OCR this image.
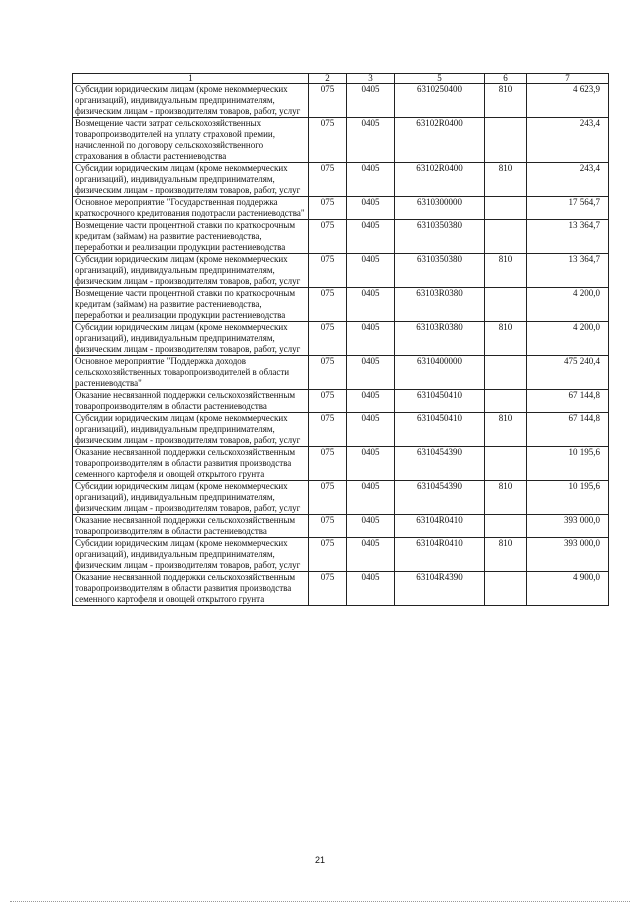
1	2	3	5	6	7
Субсидии юридическим лицам (кроме некоммерческих организаций), индивидуальным предпринимателям, физическим лицам - производителям товаров, работ, услуг	075	0405	6310250400	810	4 623,9
Возмещение части затрат сельскохозяйственных товаропроизводителей на уплату страховой премии, начисленной по договору сельскохозяйственного страхования в области растениеводства	075	0405	63102R0400		243,4
Субсидии юридическим лицам (кроме некоммерческих организаций), индивидуальным предпринимателям, физическим лицам - производителям товаров, работ, услуг	075	0405	63102R0400	810	243,4
Основное мероприятие "Государственная поддержка краткосрочного кредитования подотрасли растениеводства"	075	0405	6310300000		17 564,7
Возмещение части процентной ставки по краткосрочным кредитам (займам) на развитие растениеводства, переработки и реализации продукции растениеводства	075	0405	6310350380		13 364,7
Субсидии юридическим лицам (кроме некоммерческих организаций), индивидуальным предпринимателям, физическим лицам - производителям товаров, работ, услуг	075	0405	6310350380	810	13 364,7
Возмещение части процентной ставки по краткосрочным кредитам (займам) на развитие растениеводства, переработки и реализации продукции растениеводства	075	0405	63103R0380		4 200,0
Субсидии юридическим лицам (кроме некоммерческих организаций), индивидуальным предпринимателям, физическим лицам - производителям товаров, работ, услуг	075	0405	63103R0380	810	4 200,0
Основное мероприятие "Поддержка доходов сельскохозяйственных товаропроизводителей в области растениеводства"	075	0405	6310400000		475 240,4
Оказание несвязанной поддержки сельскохозяйственным товаропроизводителям в области растениеводства	075	0405	6310450410		67 144,8
Субсидии юридическим лицам (кроме некоммерческих организаций), индивидуальным предпринимателям, физическим лицам - производителям товаров, работ, услуг	075	0405	6310450410	810	67 144,8
Оказание несвязанной поддержки сельскохозяйственным товаропроизводителям в области развития производства семенного картофеля и овощей открытого грунта	075	0405	6310454390		10 195,6
Субсидии юридическим лицам (кроме некоммерческих организаций), индивидуальным предпринимателям, физическим лицам - производителям товаров, работ, услуг	075	0405	6310454390	810	10 195,6
Оказание несвязанной поддержки сельскохозяйственным товаропроизводителям в области растениеводства	075	0405	63104R0410		393 000,0
Субсидии юридическим лицам (кроме некоммерческих организаций), индивидуальным предпринимателям, физическим лицам - производителям товаров, работ, услуг	075	0405	63104R0410	810	393 000,0
Оказание несвязанной поддержки сельскохозяйственным товаропроизводителям в области развития производства семенного картофеля и овощей открытого грунта	075	0405	63104R4390		4 900,0
21
